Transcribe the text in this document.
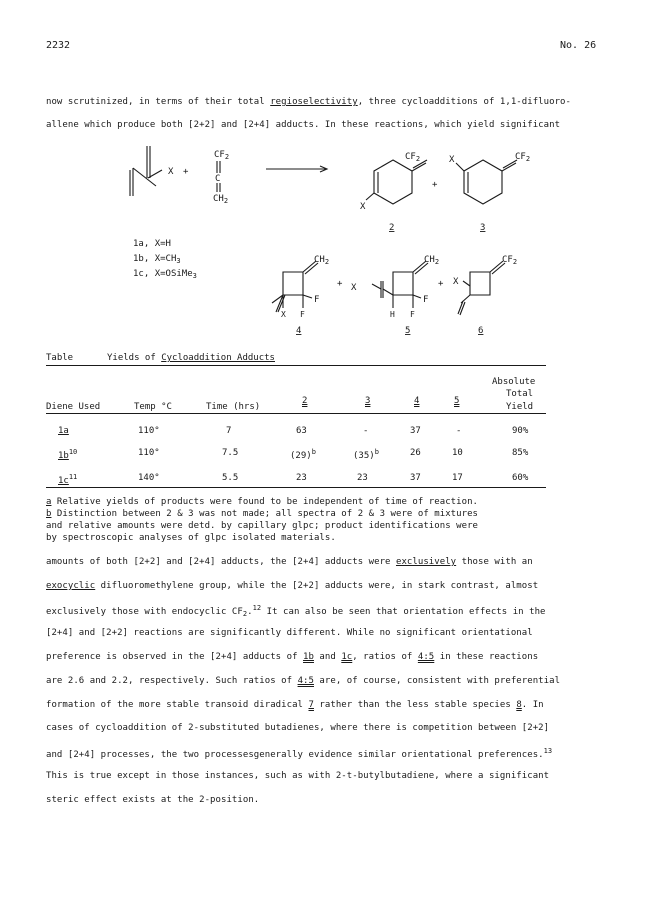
2232	No. 26
now scrutinized, in terms of their total regioselectivity, three cycloadditions of 1,1-difluoro-
allene which produce both [2+2] and [2+4] adducts. In these reactions, which yield significant
X +
$CF_2$
C
$CH_2$
$CF_2$
X
2
+
X	$CF_2$
3
1a, X=H
1b, $X=CH_3$
1c, X=OSiMe$_3$
$CH_2$
F
X F
4
+ X
$CH_2$
F
H F
5
+ X
$CF_2$
6
Table	Yields of Cycloaddition Adducts
Absolute
Total
Diene Used	Temp °C	Time (hrs)
2	3	4	5
Yield
1a	110°	7	63	-	37	-	90%
$1b^{10}$	110°	7.5	$(29)^b$	$(35)^b$	26	10	85%
$1c^{11}$	140°	5.5	23	23	37	17	60%
a Relative yields of products were found to be independent of time of reaction.
b Distinction between 2 & 3 was not made; all spectra of 2 & 3 were of mixtures
and relative amounts were detd. by capillary glpc; product identifications were
by spectroscopic analyses of glpc isolated materials.
amounts of both [2+2] and [2+4] adducts, the [2+4] adducts were exclusively those with an
exocyclic difluoromethylene group, while the [2+2] adducts were, in stark contrast, almost
exclusively those with endocyclic $CF_2.^{12}$ It can also be seen that orientation effects in the
[2+4] and [2+2] reactions are significantly different. While no significant orientational
preference is observed in the [2+4] adducts of 1b and 1c, ratios of 4:5 in these reactions
are 2.6 and 2.2, respectively. Such ratios of 4:5 are, of course, consistent with preferential
formation of the more stable transoid diradical 7 rather than the less stable species 8. In
cases of cycloaddition of 2-substituted butadienes, where there is competition between [2+2]
and [2+4] processes, the two processesgenerally evidence similar orientational preferences.$^{13}$
This is true except in those instances, such as with 2-t-butylbutadiene, where a significant
steric effect exists at the 2-position.
